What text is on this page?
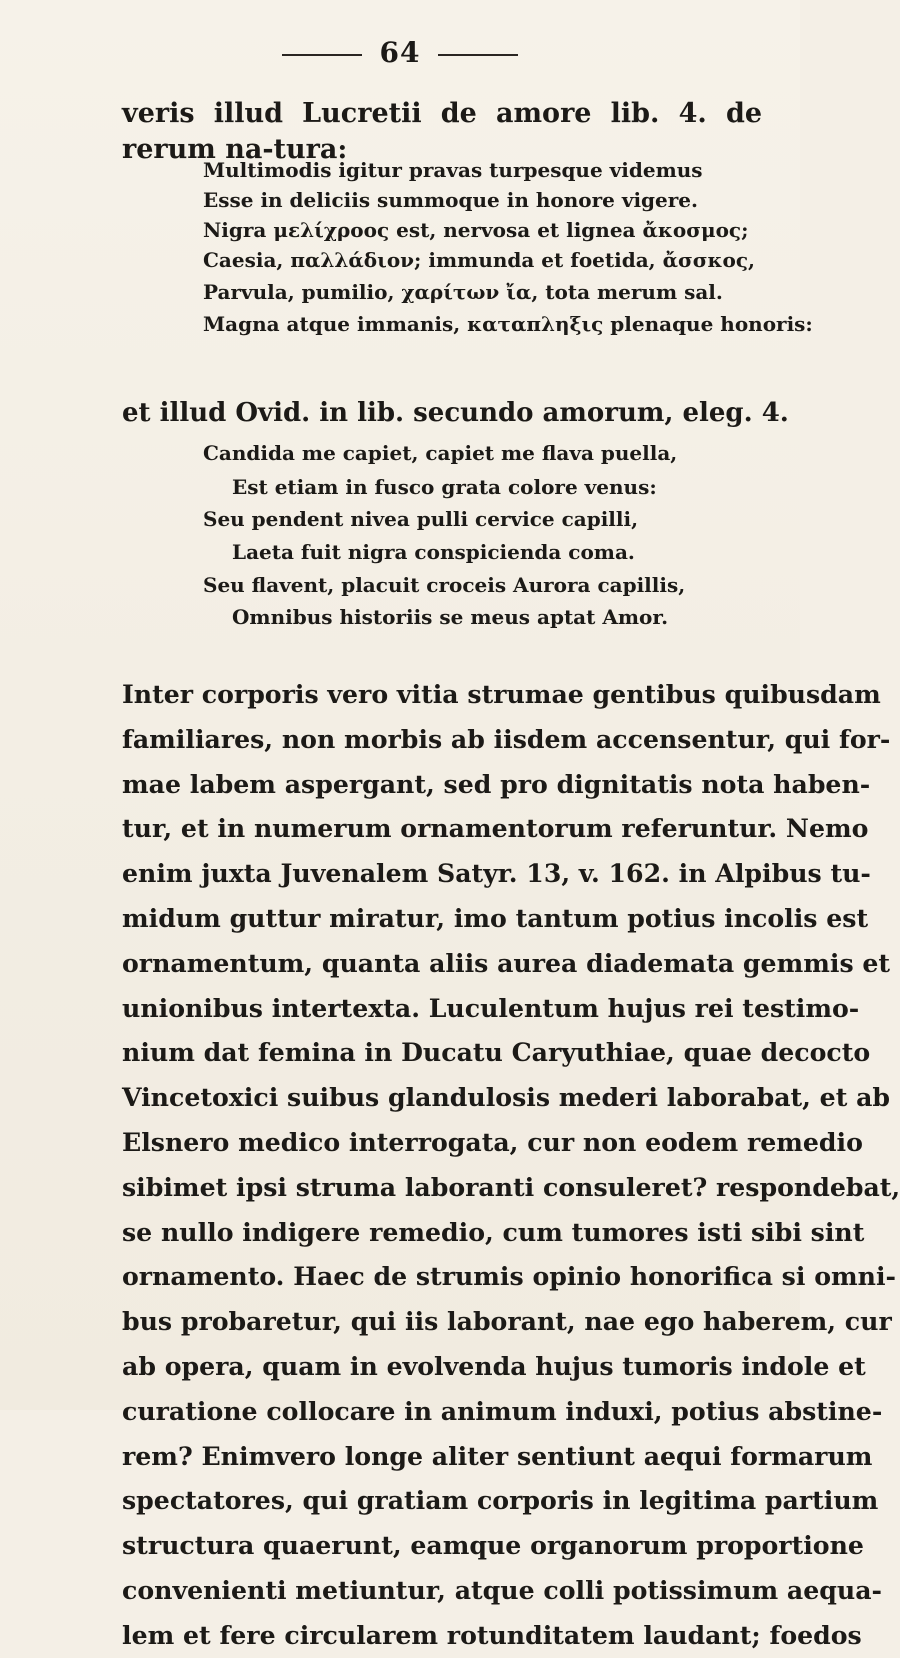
64
veris illud Lucretii de amore lib. 4. de rerum na-tura:
Multimodis igitur pravas turpesque videmus
Esse in deliciis summoque in honore vigere.
Nigra μελίχροος est, nervosa et lignea ἄκοσμος;
Caesia, παλλάδιον; immunda et foetida, ἄσσκος,
Parvula, pumilio, χαρίτων ἴα, tota merum sal.
Magna atque immanis, καταπληξις plenaque honoris:
et illud Ovid. in lib. secundo amorum, eleg. 4.
Candida me capiet, capiet me flava puella,
Est etiam in fusco grata colore venus:
Seu pendent nivea pulli cervice capilli,
Laeta fuit nigra conspicienda coma.
Seu flavent, placuit croceis Aurora capillis,
Omnibus historiis se meus aptat Amor.
Inter corporis vero vitia strumae gentibus quibusdam
familiares, non morbis ab iisdem accensentur, qui for-
mae labem aspergant, sed pro dignitatis nota haben-
tur, et in numerum ornamentorum referuntur. Nemo
enim juxta Juvenalem Satyr. 13, v. 162. in Alpibus tu-
midum guttur miratur, imo tantum potius incolis est
ornamentum, quanta aliis aurea diademata gemmis et
unionibus intertexta. Luculentum hujus rei testimo-
nium dat femina in Ducatu Caryuthiae, quae decocto
Vincetoxici suibus glandulosis mederi laborabat, et ab
Elsnero medico interrogata, cur non eodem remedio
sibimet ipsi struma laboranti consuleret? respondebat,
se nullo indigere remedio, cum tumores isti sibi sint
ornamento. Haec de strumis opinio honorifica si omni-
bus probaretur, qui iis laborant, nae ego haberem, cur
ab opera, quam in evolvenda hujus tumoris indole et
curatione collocare in animum induxi, potius abstine-
rem? Enimvero longe aliter sentiunt aequi formarum
spectatores, qui gratiam corporis in legitima partium
structura quaerunt, eamque organorum proportione
convenienti metiuntur, atque colli potissimum aequa-
lem et fere circularem rotunditatem laudant; foedos
